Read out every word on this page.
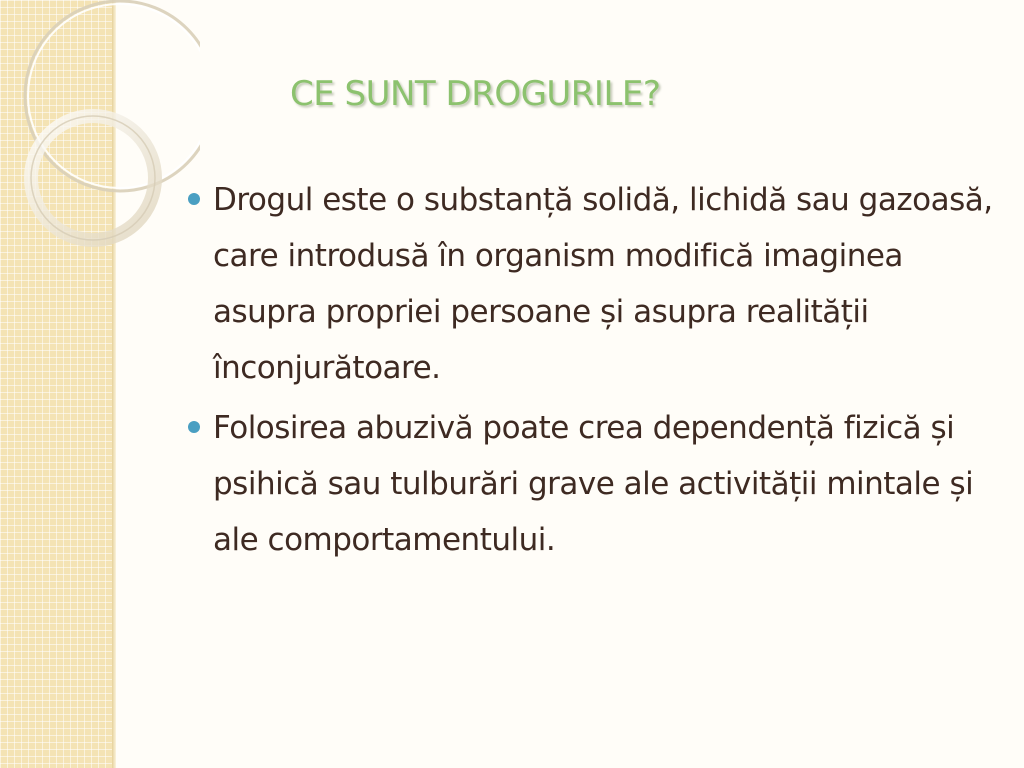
CE SUNT DROGURILE?
Drogul este o substanță solidă, lichidă sau gazoasă, care introdusă în organism modifică imaginea asupra propriei persoane și asupra realității înconjurătoare.
Folosirea abuzivă poate crea dependență fizică și psihică sau tulburări grave ale activității mintale și ale comportamentului.
